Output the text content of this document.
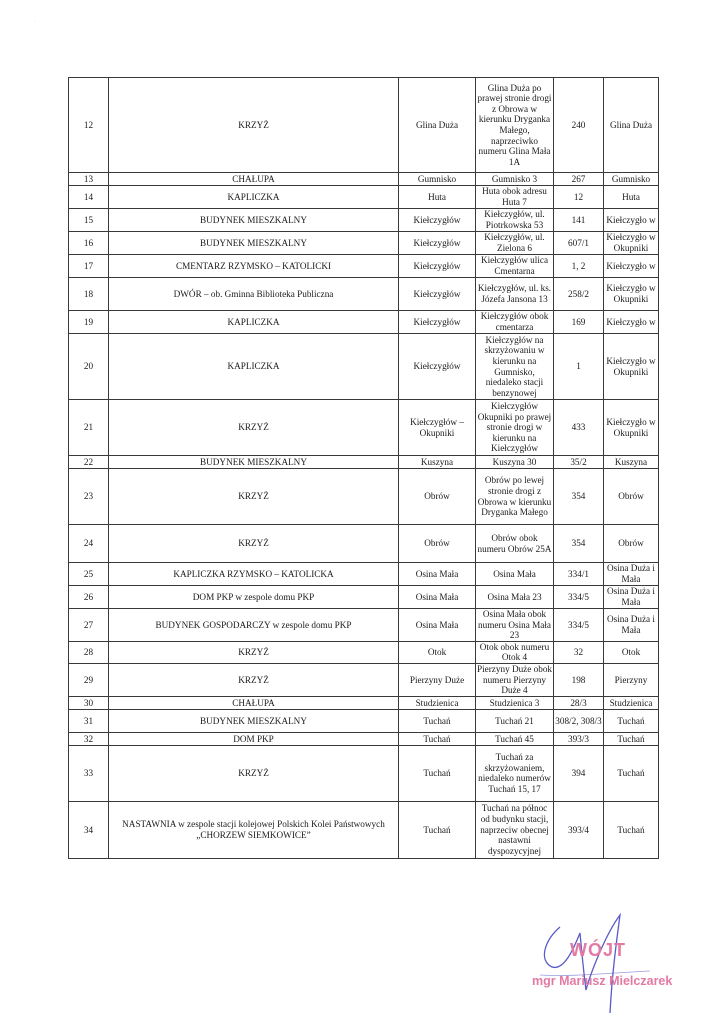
·
12	KRZYŻ	Glina Duża	Glina Duża po prawej stronie drogi z Obrowa w kierunku Dryganka Małego, naprzeciwko numeru Glina Mała 1A	240	Glina Duża
13	CHAŁUPA	Gumnisko	Gumnisko 3	267	Gumnisko
14	KAPLICZKA	Huta	Huta obok adresu Huta 7	12	Huta
15	BUDYNEK MIESZKALNY	Kiełczygłów	Kiełczygłów, ul. Piotrkowska 53	141	Kiełczygło w
16	BUDYNEK MIESZKALNY	Kiełczygłów	Kiełczygłów, ul. Zielona 6	607/1	Kiełczygło w Okupniki
17	CMENTARZ RZYMSKO – KATOLICKI	Kiełczygłów	Kiełczygłów ulica Cmentarna	1, 2	Kiełczygło w
18	DWÓR – ob. Gminna Biblioteka Publiczna	Kiełczygłów	Kiełczygłów, ul. ks. Józefa Jansona 13	258/2	Kiełczygło w Okupniki
19	KAPLICZKA	Kiełczygłów	Kiełczygłów obok cmentarza	169	Kiełczygło w
20	KAPLICZKA	Kiełczygłów	Kiełczygłów na skrzyżowaniu w kierunku na Gumnisko, niedaleko stacji benzynowej	1	Kiełczygło w Okupniki
21	KRZYŻ	Kiełczygłów – Okupniki	Kiełczygłów Okupniki po prawej stronie drogi w kierunku na Kiełczygłów	433	Kiełczygło w Okupniki
22	BUDYNEK MIESZKALNY	Kuszyna	Kuszyna 30	35/2	Kuszyna
23	KRZYŻ	Obrów	Obrów po lewej stronie drogi z Obrowa w kierunku Dryganka Małego	354	Obrów
24	KRZYŻ	Obrów	Obrów obok numeru Obrów 25A	354	Obrów
25	KAPLICZKA RZYMSKO – KATOLICKA	Osina Mała	Osina Mała	334/1	Osina Duża i Mała
26	DOM PKP w zespole domu PKP	Osina Mała	Osina Mała 23	334/5	Osina Duża i Mała
27	BUDYNEK GOSPODARCZY w zespole domu PKP	Osina Mała	Osina Mała obok numeru Osina Mała 23	334/5	Osina Duża i Mała
28	KRZYŻ	Otok	Otok obok numeru Otok 4	32	Otok
29	KRZYŻ	Pierzyny Duże	Pierzyny Duże obok numeru Pierzyny Duże 4	198	Pierzyny
30	CHAŁUPA	Studzienica	Studzienica 3	28/3	Studzienica
31	BUDYNEK MIESZKALNY	Tuchań	Tuchań 21	308/2, 308/3	Tuchań
32	DOM PKP	Tuchań	Tuchań 45	393/3	Tuchań
33	KRZYŻ	Tuchań	Tuchań za skrzyżowaniem, niedaleko numerów Tuchań 15, 17	394	Tuchań
34	NASTAWNIA w zespole stacji kolejowej Polskich Kolei Państwowych „CHORZEW SIEMKOWICE”	Tuchań	Tuchań na północ od budynku stacji, naprzeciw obecnej nastawni dyspozycyjnej	393/4	Tuchań
WÓJT
mgr Mariusz Mielczarek
